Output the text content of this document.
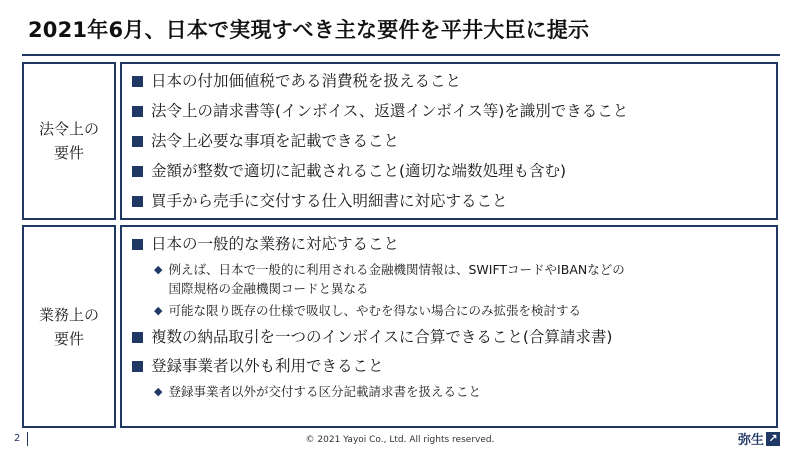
2021年6月、日本で実現すべき主な要件を平井大臣に提示
法令上の
要件
日本の付加価値税である消費税を扱えること
法令上の請求書等(インボイス、返還インボイス等)を識別できること
法令上必要な事項を記載できること
金額が整数で適切に記載されること(適切な端数処理も含む)
買手から売手に交付する仕入明細書に対応すること
業務上の
要件
日本の一般的な業務に対応すること
◆ 例えば、日本で一般的に利用される金融機関情報は、SWIFTコードやIBANなどの
国際規格の金融機関コードと異なる
◆ 可能な限り既存の仕様で吸収し、やむを得ない場合にのみ拡張を検討する
複数の納品取引を一つのインボイスに合算できること(合算請求書)
登録事業者以外も利用できること
◆ 登録事業者以外が交付する区分記載請求書を扱えること
2	© 2021 Yayoi Co., Ltd. All rights reserved.	弥生 ↗
